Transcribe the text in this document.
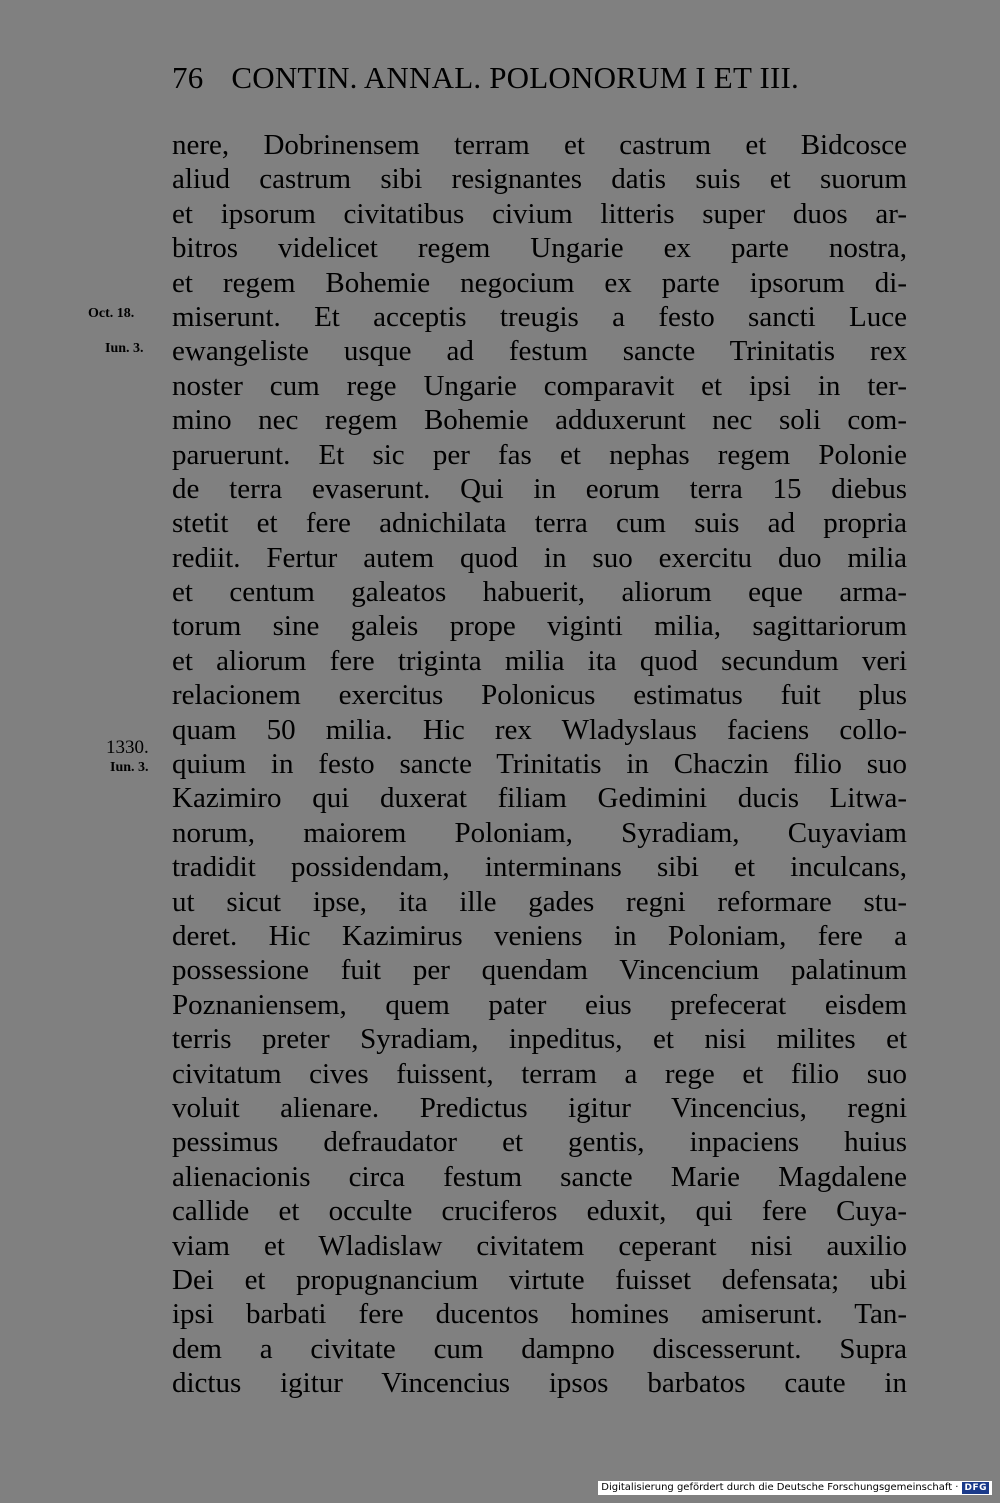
76 CONTIN. ANNAL. POLONORUM I ET III.
Oct. 18.
Iun. 3.
1330.
Iun. 3.
nere, Dobrinensem terram et castrum et Bidcosce
aliud castrum sibi resignantes datis suis et suorum
et ipsorum civitatibus civium litteris super duos ar-
bitros videlicet regem Ungarie ex parte nostra,
et regem Bohemie negocium ex parte ipsorum di-
miserunt. Et acceptis treugis a festo sancti Luce
ewangeliste usque ad festum sancte Trinitatis rex
noster cum rege Ungarie comparavit et ipsi in ter-
mino nec regem Bohemie adduxerunt nec soli com-
paruerunt. Et sic per fas et nephas regem Polonie
de terra evaserunt. Qui in eorum terra 15 diebus
stetit et fere adnichilata terra cum suis ad propria
rediit. Fertur autem quod in suo exercitu duo milia
et centum galeatos habuerit, aliorum eque arma-
torum sine galeis prope viginti milia, sagittariorum
et aliorum fere triginta milia ita quod secundum veri
relacionem exercitus Polonicus estimatus fuit plus
quam 50 milia. Hic rex Wladyslaus faciens collo-
quium in festo sancte Trinitatis in Chaczin filio suo
Kazimiro qui duxerat filiam Gedimini ducis Litwa-
norum, maiorem Poloniam, Syradiam, Cuyaviam
tradidit possidendam, interminans sibi et inculcans,
ut sicut ipse, ita ille gades regni reformare stu-
deret. Hic Kazimirus veniens in Poloniam, fere a
possessione fuit per quendam Vincencium palatinum
Poznaniensem, quem pater eius prefecerat eisdem
terris preter Syradiam, inpeditus, et nisi milites et
civitatum cives fuissent, terram a rege et filio suo
voluit alienare. Predictus igitur Vincencius, regni
pessimus defraudator et gentis, inpaciens huius
alienacionis circa festum sancte Marie Magdalene
callide et occulte cruciferos eduxit, qui fere Cuya-
viam et Wladislaw civitatem ceperant nisi auxilio
Dei et propugnancium virtute fuisset defensata; ubi
ipsi barbati fere ducentos homines amiserunt. Tan-
dem a civitate cum dampno discesserunt. Supra
dictus igitur Vincencius ipsos barbatos caute in
Digitalisierung gefördert durch die Deutsche Forschungsgemeinschaft · DFG
